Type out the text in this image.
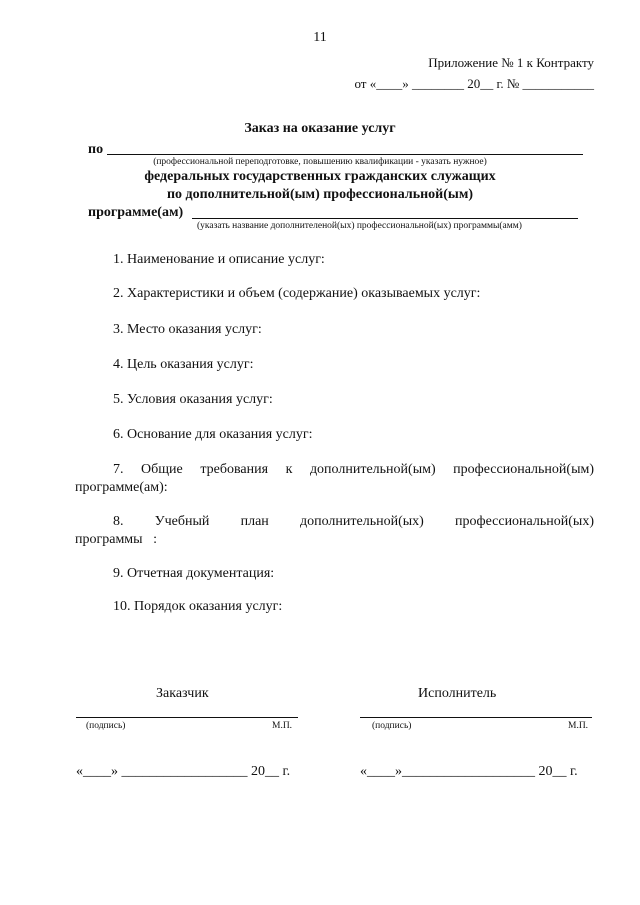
11
Приложение № 1 к Контракту
от «____» ________ 20__ г. № ___________
Заказ на оказание услуг
по
(профессиональной переподготовке, повышению квалификации - указать нужное)
федеральных государственных гражданских служащих
по дополнительной(ым) профессиональной(ым)
программе(ам)
(указать название дополнителеной(ых) профессиональной(ых) программы(амм)
1. Наименование и описание услуг:
2. Характеристики и объем (содержание) оказываемых услуг:
3. Место оказания услуг:
4. Цель оказания услуг:
5. Условия оказания услуг:
6. Основание для оказания услуг:
7. Общие требования к дополнительной(ым) профессиональной(ым)
программе(ам):
8. Учебный план дополнительной(ых) профессиональной(ых)
программы   :
9. Отчетная документация:
10. Порядок оказания услуг:
Заказчик	Исполнитель
(подпись)	М.П.	(подпись)	М.П.
«____» __________________ 20__ г.	«____»___________________ 20__ г.
